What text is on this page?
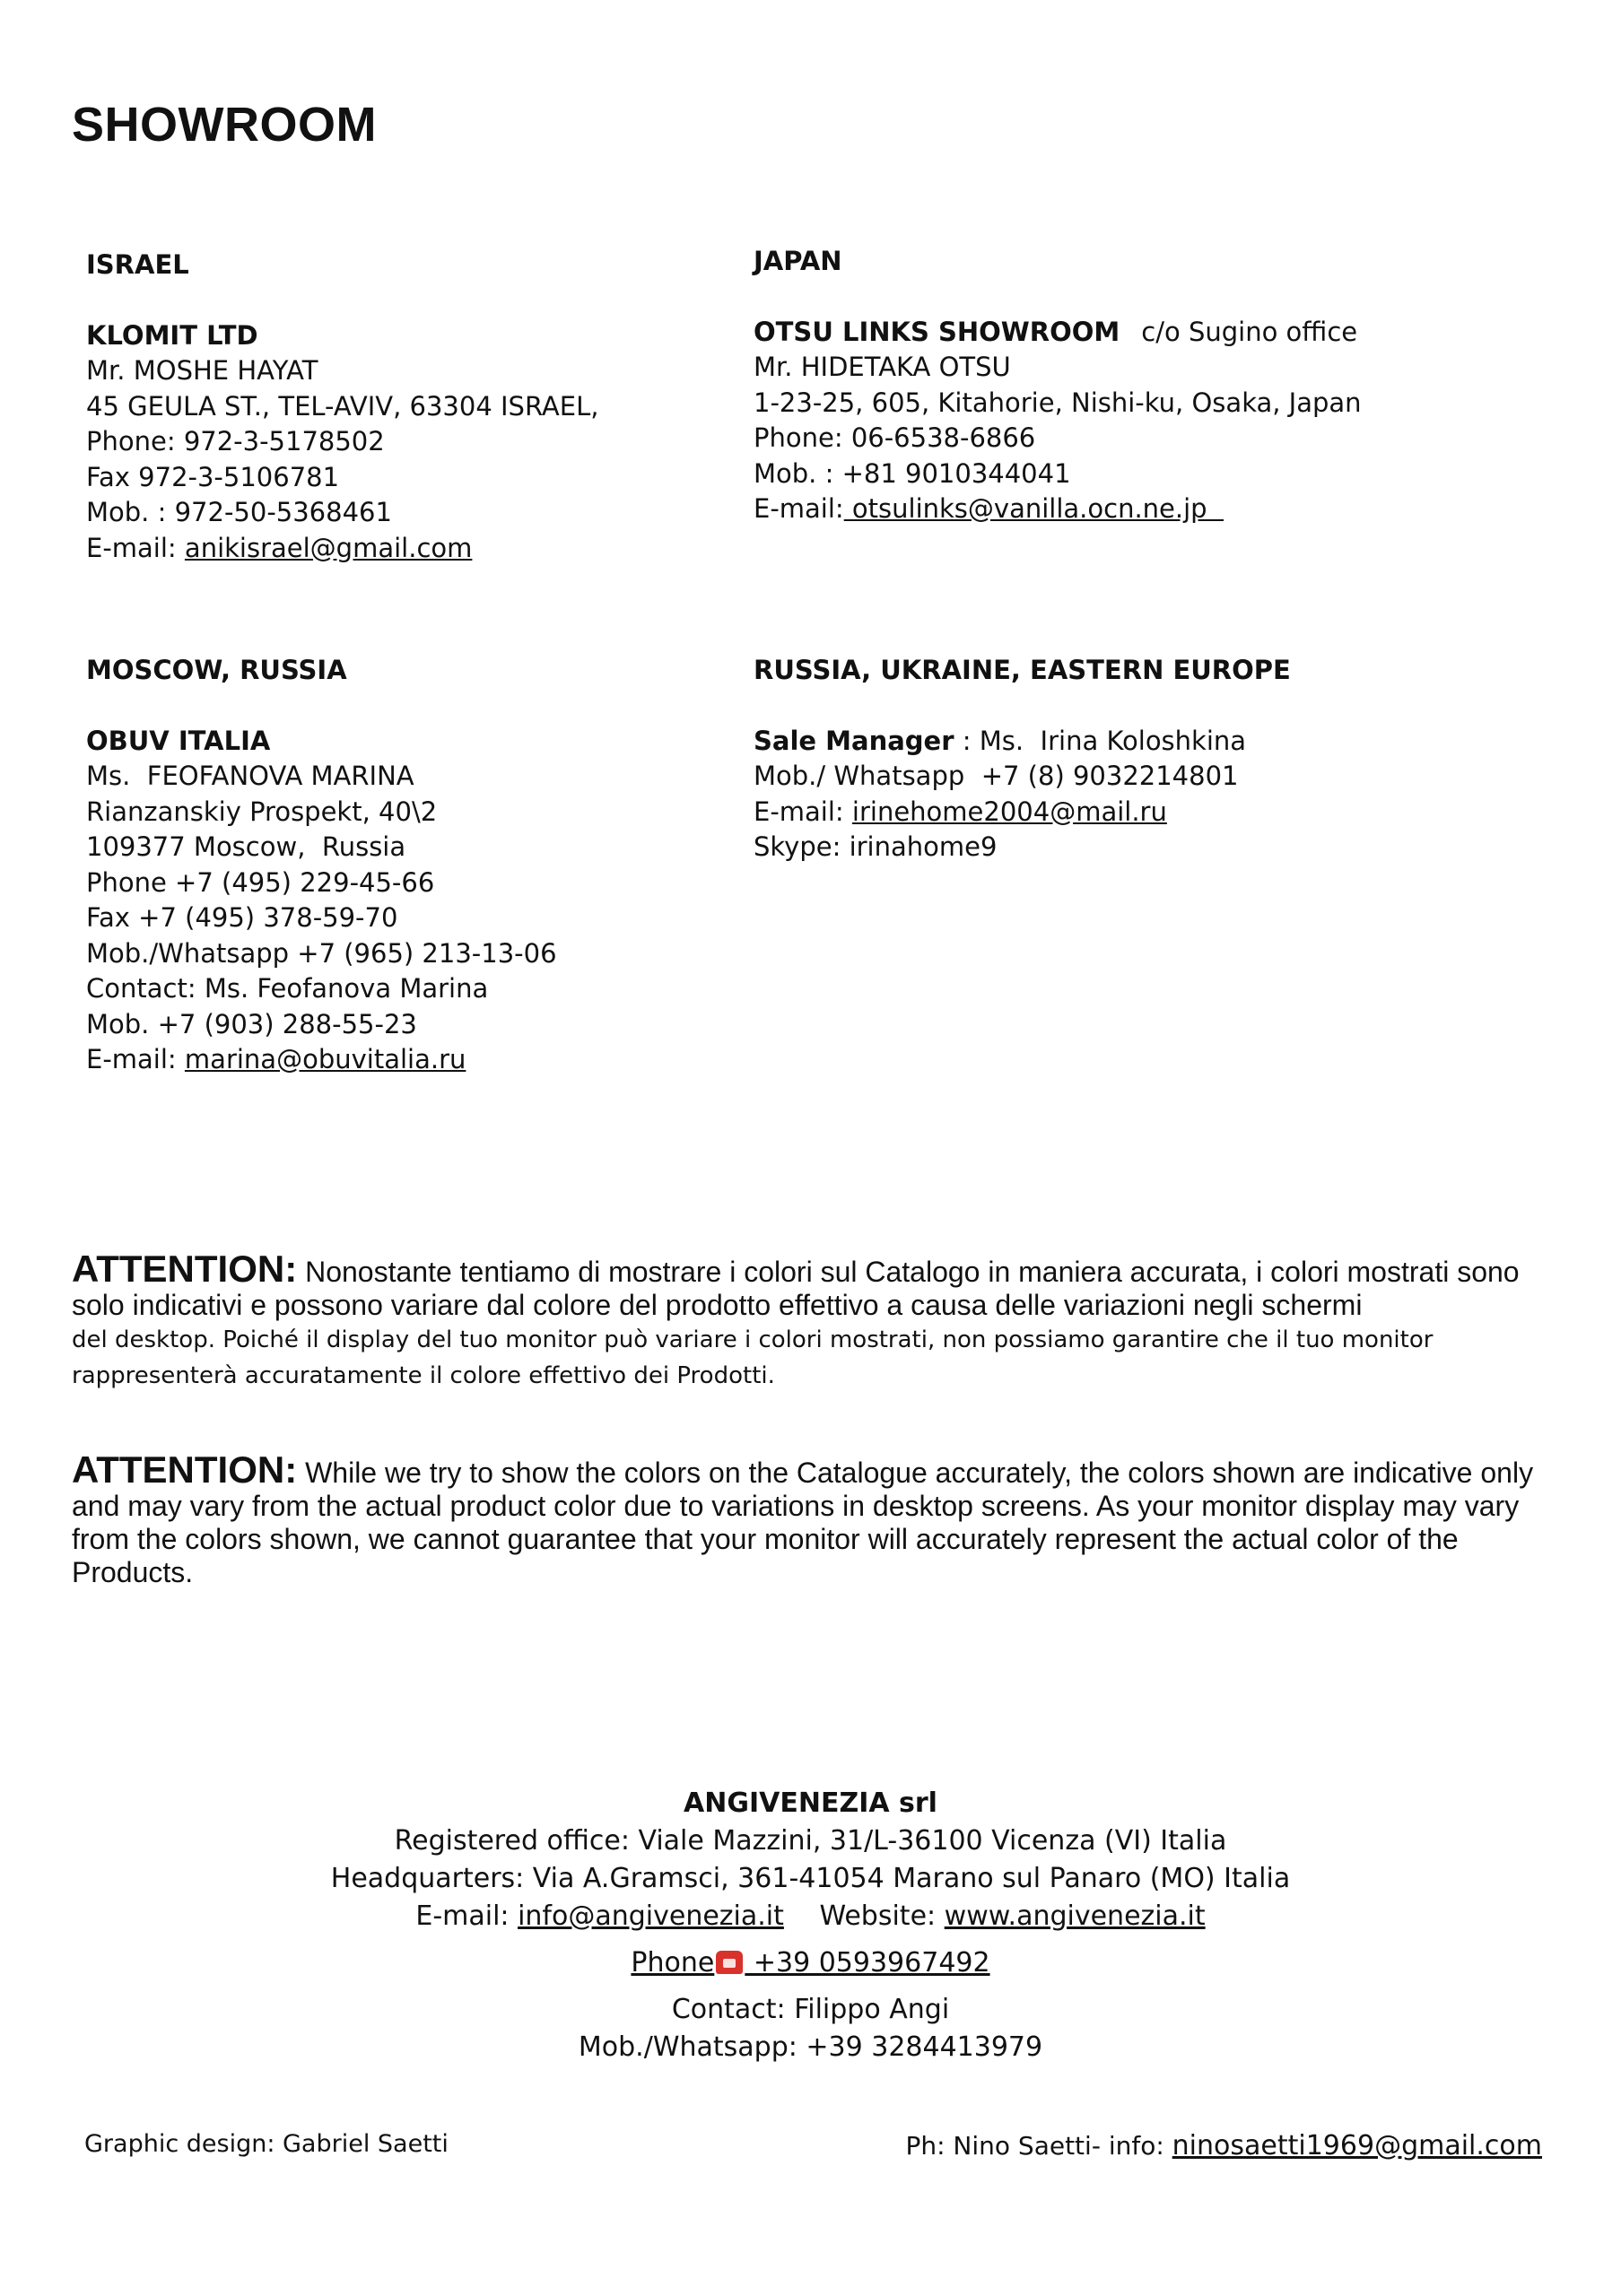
SHOWROOM
ISRAEL
KLOMIT LTD
Mr. MOSHE HAYAT
45 GEULA ST., TEL-AVIV, 63304 ISRAEL,
Phone: 972-3-5178502
Fax 972-3-5106781
Mob. : 972-50-5368461
E-mail: anikisrael@gmail.com
JAPAN
OTSU LINKS SHOWROOM c/o Sugino office
Mr. HIDETAKA OTSU
1-23-25, 605, Kitahorie, Nishi-ku, Osaka, Japan
Phone: 06-6538-6866
Mob. : +81 9010344041
E-mail: otsulinks@vanilla.ocn.ne.jp
MOSCOW, RUSSIA
OBUV ITALIA
Ms.  FEOFANOVA MARINA
Rianzanskiy Prospekt, 40\2
109377 Moscow,  Russia
Phone +7 (495) 229-45-66
Fax +7 (495) 378-59-70
Mob./Whatsapp +7 (965) 213-13-06
Contact: Ms. Feofanova Marina
Mob. +7 (903) 288-55-23
E-mail: marina@obuvitalia.ru
RUSSIA, UKRAINE, EASTERN EUROPE
Sale Manager : Ms.  Irina Koloshkina
Mob./ Whatsapp  +7 (8) 9032214801
E-mail: irinehome2004@mail.ru
Skype: irinahome9
ATTENTION: Nonostante tentiamo di mostrare i colori sul Catalogo in maniera accurata, i colori mostrati sono solo indicativi e possono variare dal colore del prodotto effettivo a causa delle variazioni negli schermi
del desktop. Poiché il display del tuo monitor può variare i colori mostrati, non possiamo garantire che il tuo monitor rappresenterà accuratamente il colore effettivo dei Prodotti.
ATTENTION: While we try to show the colors on the Catalogue accurately, the colors shown are indicative only and may vary from the actual product color due to variations in desktop screens. As your monitor display may vary from the colors shown, we cannot guarantee that your monitor will accurately represent the actual color of the Products.
ANGIVENEZIA srl
Registered office: Viale Mazzini, 31/L-36100 Vicenza (VI) Italia
Headquarters: Via A.Gramsci, 361-41054 Marano sul Panaro (MO) Italia
E-mail: info@angivenezia.it Website: www.angivenezia.it
Phone +39 0593967492
Contact: Filippo Angi
Mob./Whatsapp: +39 3284413979
Graphic design: Gabriel Saetti	Ph: Nino Saetti- info: ninosaetti1969@gmail.com
